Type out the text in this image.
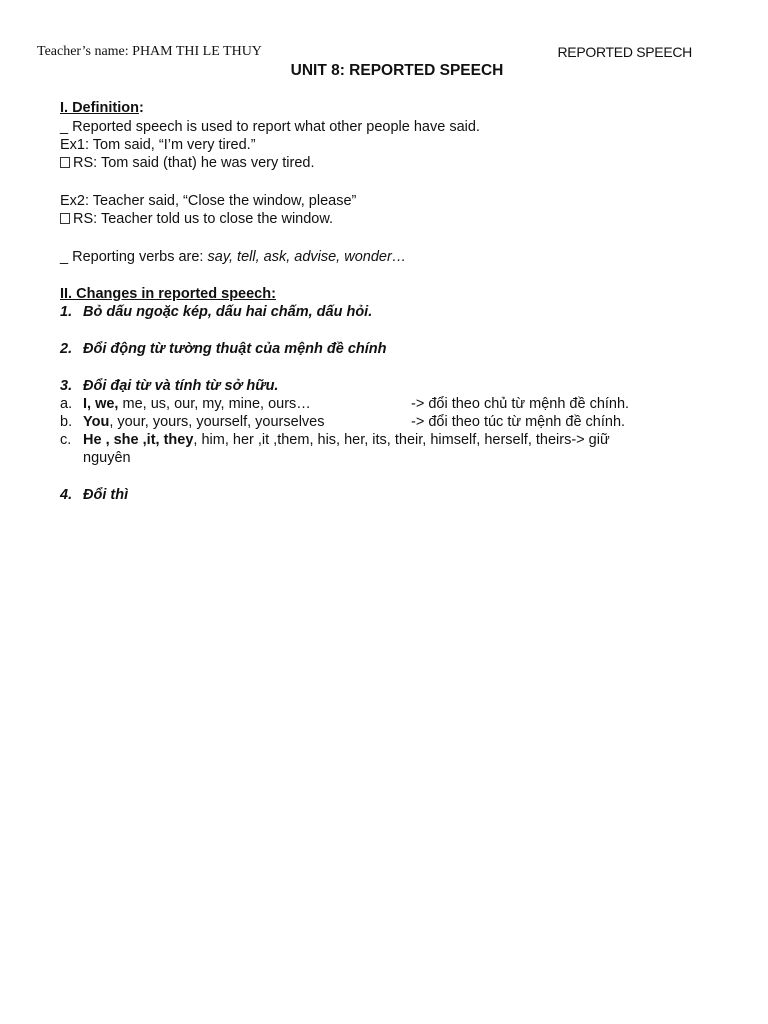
Teacher’s name: PHAM THI LE THUY	REPORTED SPEECH
UNIT 8: REPORTED SPEECH
I. Definition:
_ Reported speech is used to report what other people have said.
Ex1: Tom said, “I’m very tired.”
RS: Tom said (that) he was very tired.
Ex2: Teacher said, “Close the window, please”
RS: Teacher told us to close the window.
_ Reporting verbs are: say, tell, ask, advise, wonder…
II. Changes in reported speech:
1. Bỏ dấu ngoặc kép, dấu hai chấm, dấu hỏi.
2. Đổi động từ tường thuật của mệnh đề chính
3. Đổi đại từ và tính từ sở hữu.
a. I, we, me, us, our, my, mine, ours…	-> đổi theo chủ từ mệnh đề chính.
b. You, your, yours, yourself, yourselves	-> đổi theo túc từ mệnh đề chính.
c. He , she ,it, they, him, her ,it ,them, his, her, its, their, himself, herself, theirs-> giữ
nguyên
4. Đổi thì
